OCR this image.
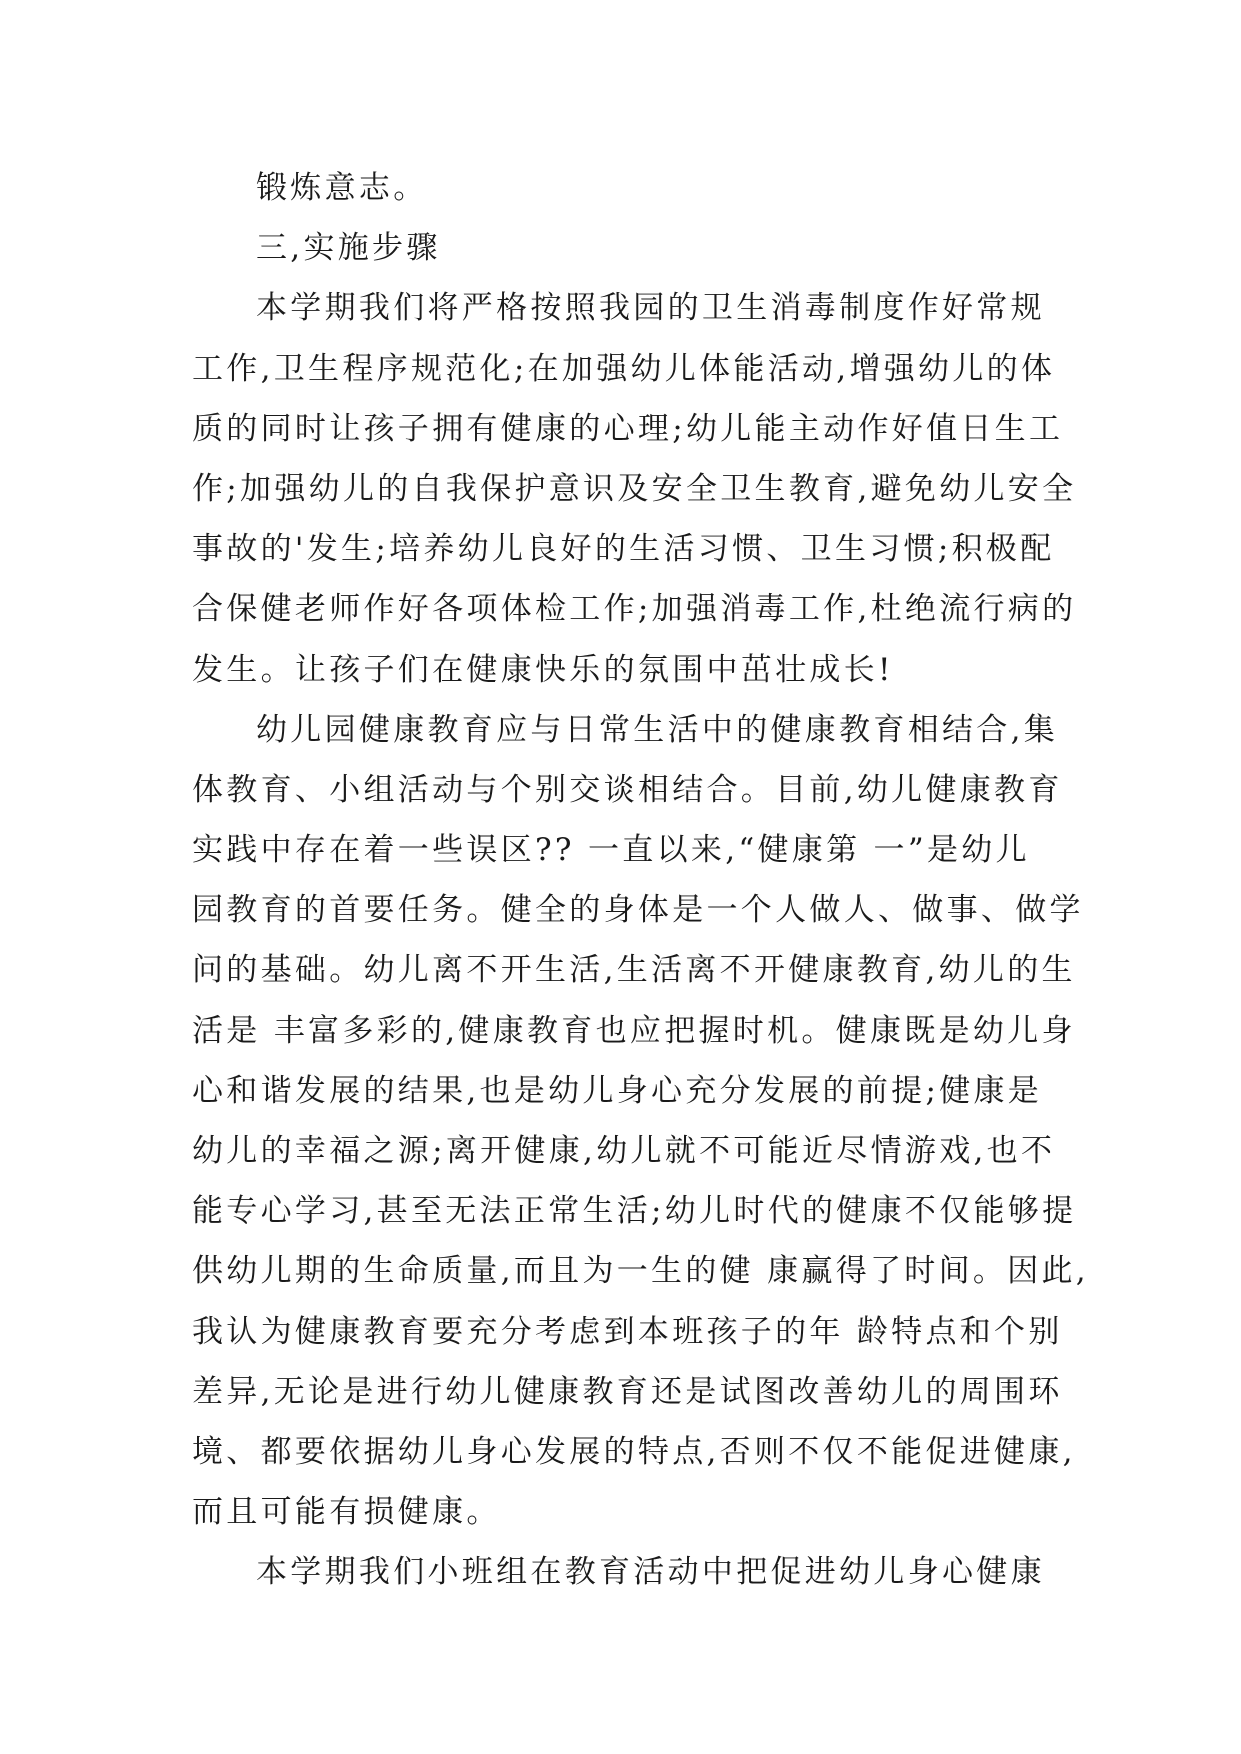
锻炼意志。
三,实施步骤
本学期我们将严格按照我园的卫生消毒制度作好常规
工作,卫生程序规范化;在加强幼儿体能活动,增强幼儿的体
质的同时让孩子拥有健康的心理;幼儿能主动作好值日生工
作;加强幼儿的自我保护意识及安全卫生教育,避免幼儿安全
事故的'发生;培养幼儿良好的生活习惯、卫生习惯;积极配
合保健老师作好各项体检工作;加强消毒工作,杜绝流行病的
发生。让孩子们在健康快乐的氛围中茁壮成长!
幼儿园健康教育应与日常生活中的健康教育相结合,集
体教育、小组活动与个别交谈相结合。目前,幼儿健康教育
实践中存在着一些误区?? 一直以来,“健康第 一”是幼儿
园教育的首要任务。健全的身体是一个人做人、做事、做学
问的基础。幼儿离不开生活,生活离不开健康教育,幼儿的生
活是 丰富多彩的,健康教育也应把握时机。健康既是幼儿身
心和谐发展的结果,也是幼儿身心充分发展的前提;健康是
幼儿的幸福之源;离开健康,幼儿就不可能近尽情游戏,也不
能专心学习,甚至无法正常生活;幼儿时代的健康不仅能够提
供幼儿期的生命质量,而且为一生的健 康赢得了时间。因此,
我认为健康教育要充分考虑到本班孩子的年 龄特点和个别
差异,无论是进行幼儿健康教育还是试图改善幼儿的周围环
境、都要依据幼儿身心发展的特点,否则不仅不能促进健康,
而且可能有损健康。
本学期我们小班组在教育活动中把促进幼儿身心健康
